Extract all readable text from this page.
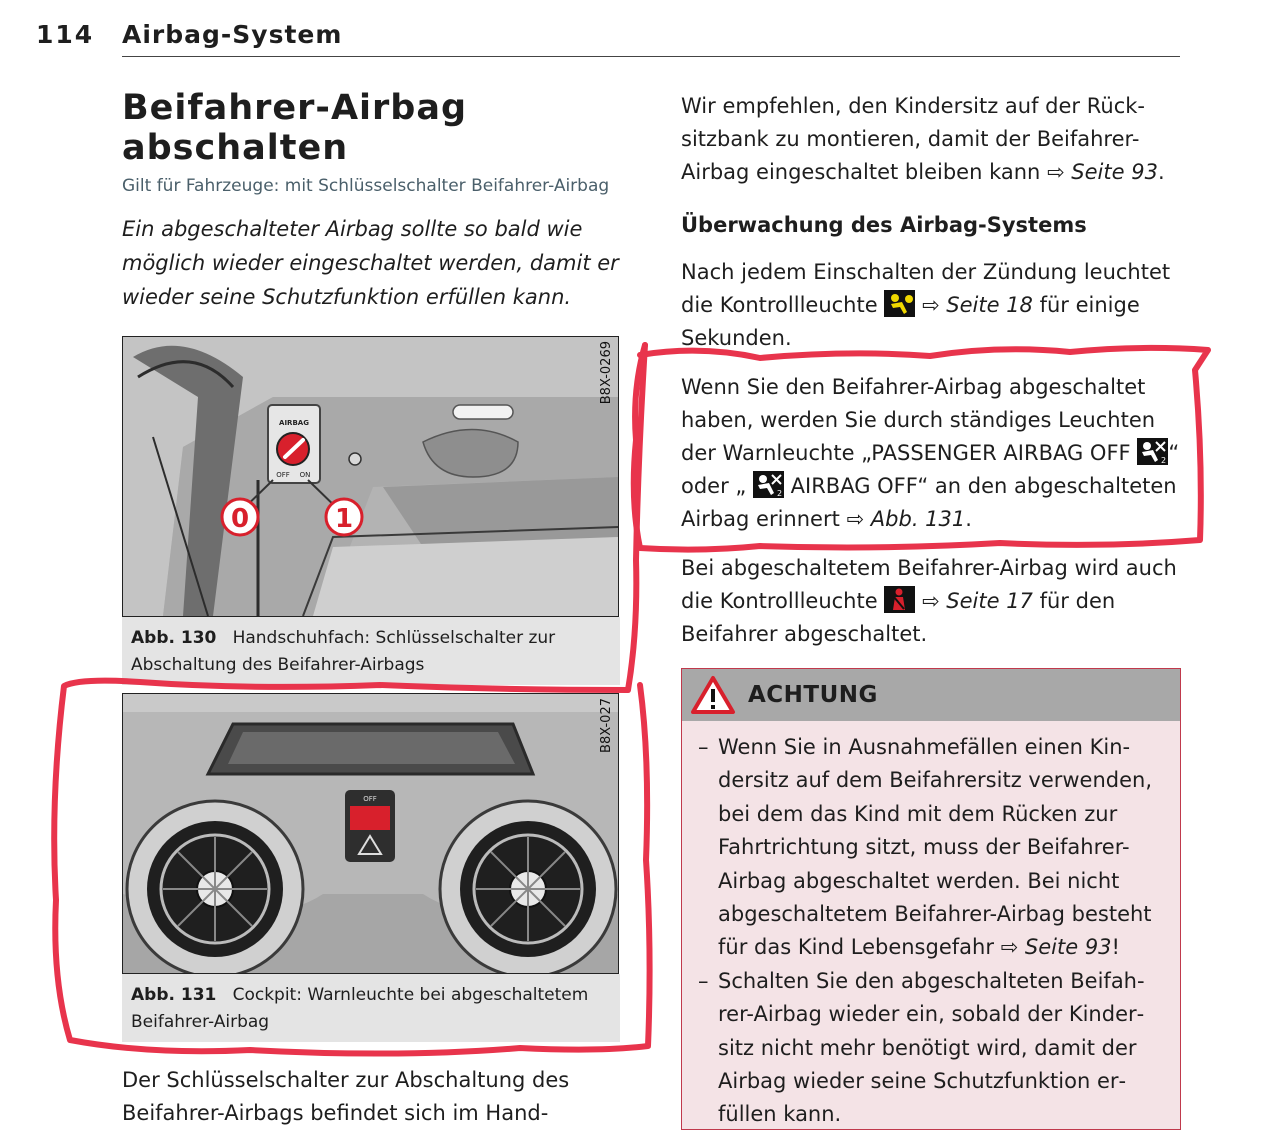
114 Airbag-System
Beifahrer-Airbag abschalten
Gilt für Fahrzeuge: mit Schlüsselschalter Beifahrer-Airbag
Ein abgeschalteter Airbag sollte so bald wie möglich wieder eingeschaltet werden, damit er wieder seine Schutzfunktion erfüllen kann.
0	1
AIRBAG
OFF ON
B8X-0269
Abb. 130 Handschuhfach: Schlüsselschalter zur Abschaltung des Beifahrer-Airbags
OFF
B8X-027
Abb. 131 Cockpit: Warnleuchte bei abgeschaltetem Beifahrer-Airbag
Der Schlüsselschalter zur Abschaltung des Beifahrer-Airbags befindet sich im Hand-
Wir empfehlen, den Kindersitz auf der Rücksitzbank zu montieren, damit der Beifahrer-Airbag eingeschaltet bleiben kann ⇨ Seite 93.
Überwachung des Airbag-Systems
Nach jedem Einschalten der Zündung leuchtet die Kontrollleuchte  ⇨ Seite 18 für einige Sekunden.
Wenn Sie den Beifahrer-Airbag abgeschaltet haben, werden Sie durch ständiges Leuchten der Warnleuchte „PASSENGER AIRBAG OFF	2 “ oder „	2 AIRBAG OFF“ an den abgeschalteten Airbag erinnert ⇨ Abb. 131.
Bei abgeschaltetem Beifahrer-Airbag wird auch die Kontrollleuchte  ⇨ Seite 17 für den Beifahrer abgeschaltet.
ACHTUNG
– Wenn Sie in Ausnahmefällen einen Kindersitz auf dem Beifahrersitz verwenden, bei dem das Kind mit dem Rücken zur Fahrtrichtung sitzt, muss der Beifahrer-Airbag abgeschaltet werden. Bei nicht abgeschaltetem Beifahrer-Airbag besteht für das Kind Lebensgefahr ⇨ Seite 93!
– Schalten Sie den abgeschalteten Beifahrer-Airbag wieder ein, sobald der Kindersitz nicht mehr benötigt wird, damit der Airbag wieder seine Schutzfunktion erfüllen kann.
